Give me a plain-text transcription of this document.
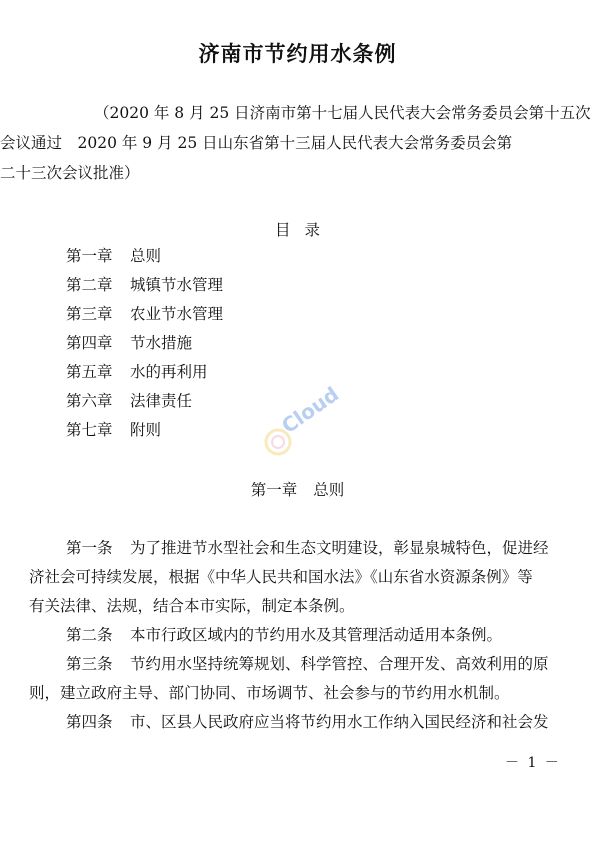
济南市节约用水条例
（2020 年 8 月 25 日济南市第十七届人民代表大会常务委员会第十五次
会议通过　2020 年 9 月 25 日山东省第十三届人民代表大会常务委员会第
二十三次会议批准）
目录
第一章 总则
第二章 城镇节水管理
第三章 农业节水管理
第四章 节水措施
第五章 水的再利用
第六章 法律责任
第七章 附则	Cloud
第一章 总则
第一条 为了推进节水型社会和生态文明建设，彰显泉城特色，促进经
济社会可持续发展，根据《中华人民共和国水法》《山东省水资源条例》等
有关法律、法规，结合本市实际，制定本条例。
第二条 本市行政区域内的节约用水及其管理活动适用本条例。
第三条 节约用水坚持统筹规划、科学管控、合理开发、高效利用的原
则，建立政府主导、部门协同、市场调节、社会参与的节约用水机制。
第四条 市、区县人民政府应当将节约用水工作纳入国民经济和社会发
－ 1 －
